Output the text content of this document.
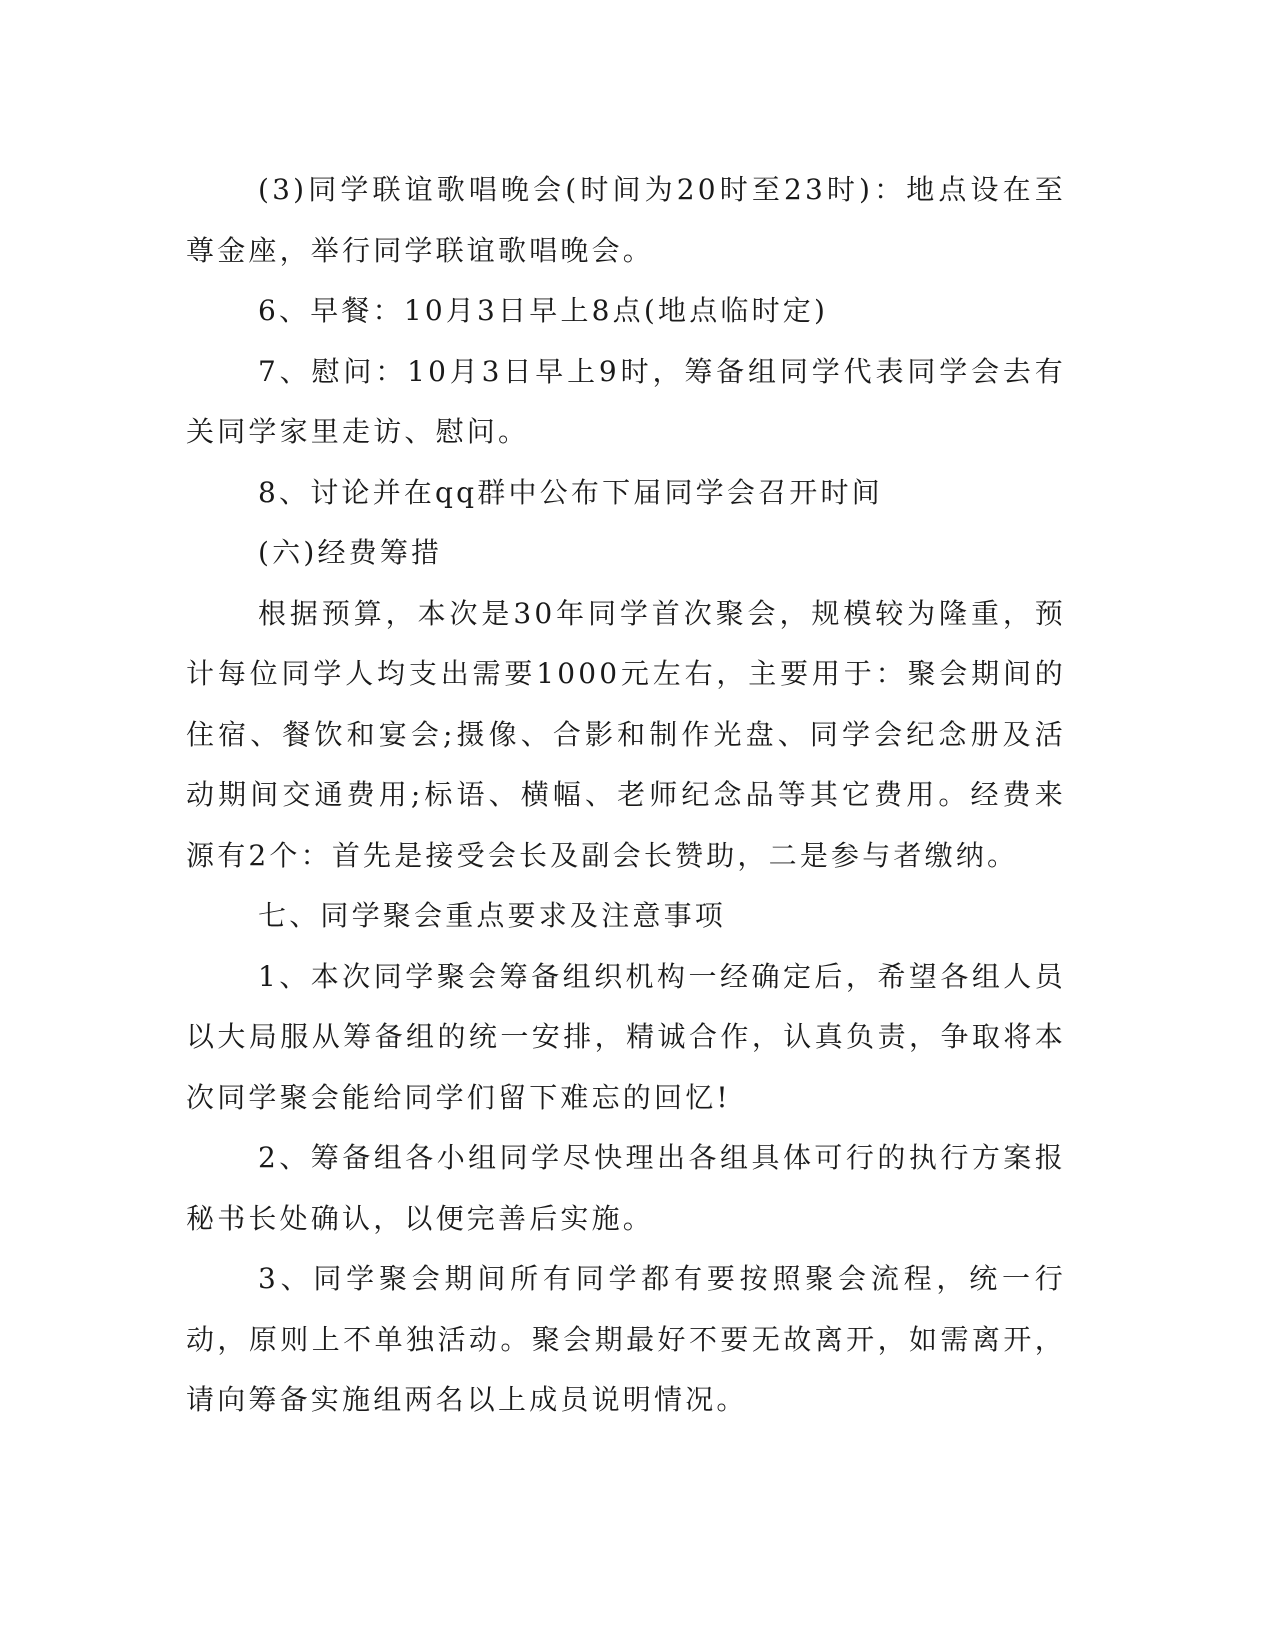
(3)同学联谊歌唱晚会(时间为20时至23时)：地点设在至尊金座，举行同学联谊歌唱晚会。

6、早餐：10月3日早上8点(地点临时定)

7、慰问：10月3日早上9时，筹备组同学代表同学会去有关同学家里走访、慰问。

8、讨论并在qq群中公布下届同学会召开时间

(六)经费筹措

根据预算，本次是30年同学首次聚会，规模较为隆重，预计每位同学人均支出需要1000元左右，主要用于：聚会期间的住宿、餐饮和宴会;摄像、合影和制作光盘、同学会纪念册及活动期间交通费用;标语、横幅、老师纪念品等其它费用。经费来源有2个：首先是接受会长及副会长赞助，二是参与者缴纳。

七、同学聚会重点要求及注意事项

1、本次同学聚会筹备组织机构一经确定后，希望各组人员以大局服从筹备组的统一安排，精诚合作，认真负责，争取将本次同学聚会能给同学们留下难忘的回忆!

2、筹备组各小组同学尽快理出各组具体可行的执行方案报秘书长处确认，以便完善后实施。

3、同学聚会期间所有同学都有要按照聚会流程，统一行动，原则上不单独活动。聚会期最好不要无故离开，如需离开，请向筹备实施组两名以上成员说明情况。
